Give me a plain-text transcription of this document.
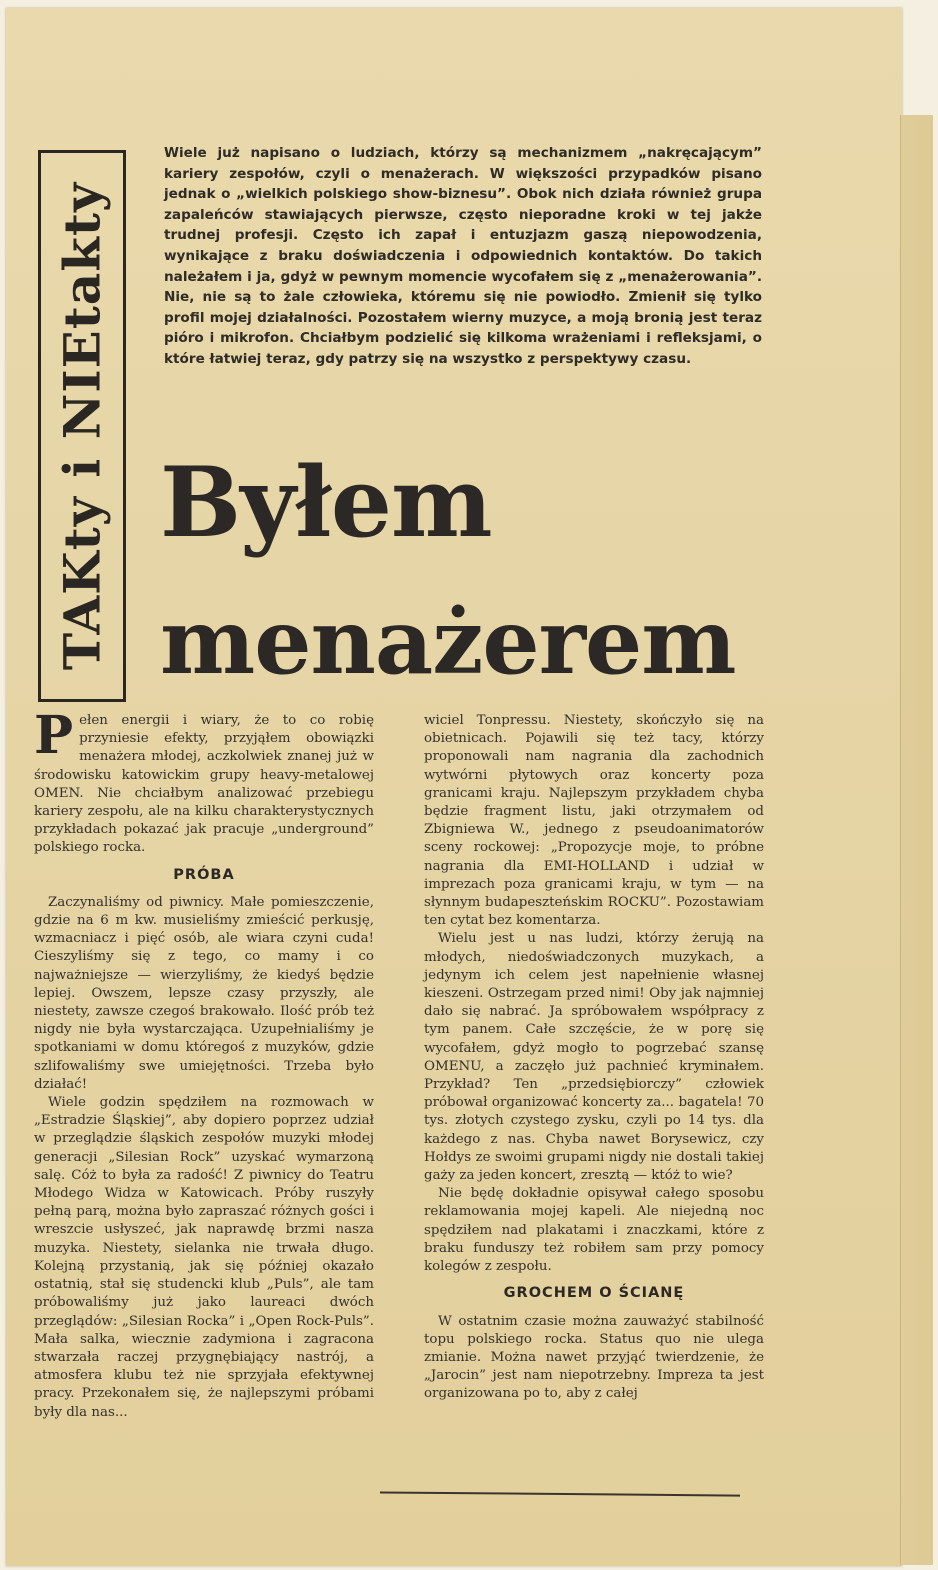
TAKty i NIEtakty
Wiele już napisano o ludziach, którzy są mechanizmem „nakręcającym” kariery zespołów, czyli o menażerach. W większości przypadków pisano jednak o „wielkich polskiego show-biznesu”. Obok nich działa również grupa zapaleńców stawiających pierwsze, często nieporadne kroki w tej jakże trudnej profesji. Często ich zapał i entuzjazm gaszą niepowodzenia, wynikające z braku doświadczenia i odpowiednich kontaktów. Do takich należałem i ja, gdyż w pewnym momencie wycofałem się z „menażerowania”. Nie, nie są to żale człowieka, któremu się nie powiodło. Zmienił się tylko profil mojej działalności. Pozostałem wierny muzyce, a moją bronią jest teraz pióro i mikrofon. Chciałbym podzielić się kilkoma wrażeniami i refleksjami, o które łatwiej teraz, gdy patrzy się na wszystko z perspektywy czasu.
Byłem
menażerem

Pełen energii i wiary, że to co robię przyniesie efekty, przyjąłem obowiązki menażera młodej, aczkolwiek znanej już w środowisku katowickim grupy heavy-metalowej OMEN. Nie chciałbym analizować przebiegu kariery zespołu, ale na kilku charakterystycznych przykładach pokazać jak pracuje „underground” polskiego rocka.

PRÓBA

Zaczynaliśmy od piwnicy. Małe pomieszczenie, gdzie na 6 m kw. musieliśmy zmieścić perkusję, wzmacniacz i pięć osób, ale wiara czyni cuda! Cieszyliśmy się z tego, co mamy i co najważniejsze — wierzyliśmy, że kiedyś będzie lepiej. Owszem, lepsze czasy przyszły, ale niestety, zawsze czegoś brakowało. Ilość prób też nigdy nie była wystarczająca. Uzupełnialiśmy je spotkaniami w domu któregoś z muzyków, gdzie szlifowaliśmy swe umiejętności. Trzeba było działać!

Wiele godzin spędziłem na rozmowach w „Estradzie Śląskiej”, aby dopiero poprzez udział w przeglądzie śląskich zespołów muzyki młodej generacji „Silesian Rock” uzyskać wymarzoną salę. Cóż to była za radość! Z piwnicy do Teatru Młodego Widza w Katowicach. Próby ruszyły pełną parą, można było zapraszać różnych gości i wreszcie usłyszeć, jak naprawdę brzmi nasza muzyka. Niestety, sielanka nie trwała długo. Kolejną przystanią, jak się później okazało ostatnią, stał się studencki klub „Puls”, ale tam próbowaliśmy już jako laureaci dwóch przeglądów: „Silesian Rocka” i „Open Rock-Puls”. Mała salka, wiecznie zadymiona i zagracona stwarzała raczej przygnębiający nastrój, a atmosfera klubu też nie sprzyjała efektywnej pracy. Przekonałem się, że najlepszymi próbami były dla nas...

wiciel Tonpressu. Niestety, skończyło się na obietnicach. Pojawili się też tacy, którzy proponowali nam nagrania dla zachodnich wytwórni płytowych oraz koncerty poza granicami kraju. Najlepszym przykładem chyba będzie fragment listu, jaki otrzymałem od Zbigniewa W., jednego z pseudoanimatorów sceny rockowej: „Propozycje moje, to próbne nagrania dla EMI-HOLLAND i udział w imprezach poza granicami kraju, w tym — na słynnym budapeszteńskim ROCKU”. Pozostawiam ten cytat bez komentarza.

Wielu jest u nas ludzi, którzy żerują na młodych, niedoświadczonych muzykach, a jedynym ich celem jest napełnienie własnej kieszeni. Ostrzegam przed nimi! Oby jak najmniej dało się nabrać. Ja spróbowałem współpracy z tym panem. Całe szczęście, że w porę się wycofałem, gdyż mogło to pogrzebać szansę OMENU, a zaczęło już pachnieć kryminałem. Przykład? Ten „przedsiębiorczy” człowiek próbował organizować koncerty za... bagatela! 70 tys. złotych czystego zysku, czyli po 14 tys. dla każdego z nas. Chyba nawet Borysewicz, czy Hołdys ze swoimi grupami nigdy nie dostali takiej gaży za jeden koncert, zresztą — któż to wie?

Nie będę dokładnie opisywał całego sposobu reklamowania mojej kapeli. Ale niejedną noc spędziłem nad plakatami i znaczkami, które z braku funduszy też robiłem sam przy pomocy kolegów z zespołu.

GROCHEM O ŚCIANĘ

W ostatnim czasie można zauważyć stabilność topu polskiego rocka. Status quo nie ulega zmianie. Można nawet przyjąć twierdzenie, że „Jarocin” jest nam niepotrzebny. Impreza ta jest organizowana po to, aby z całej
